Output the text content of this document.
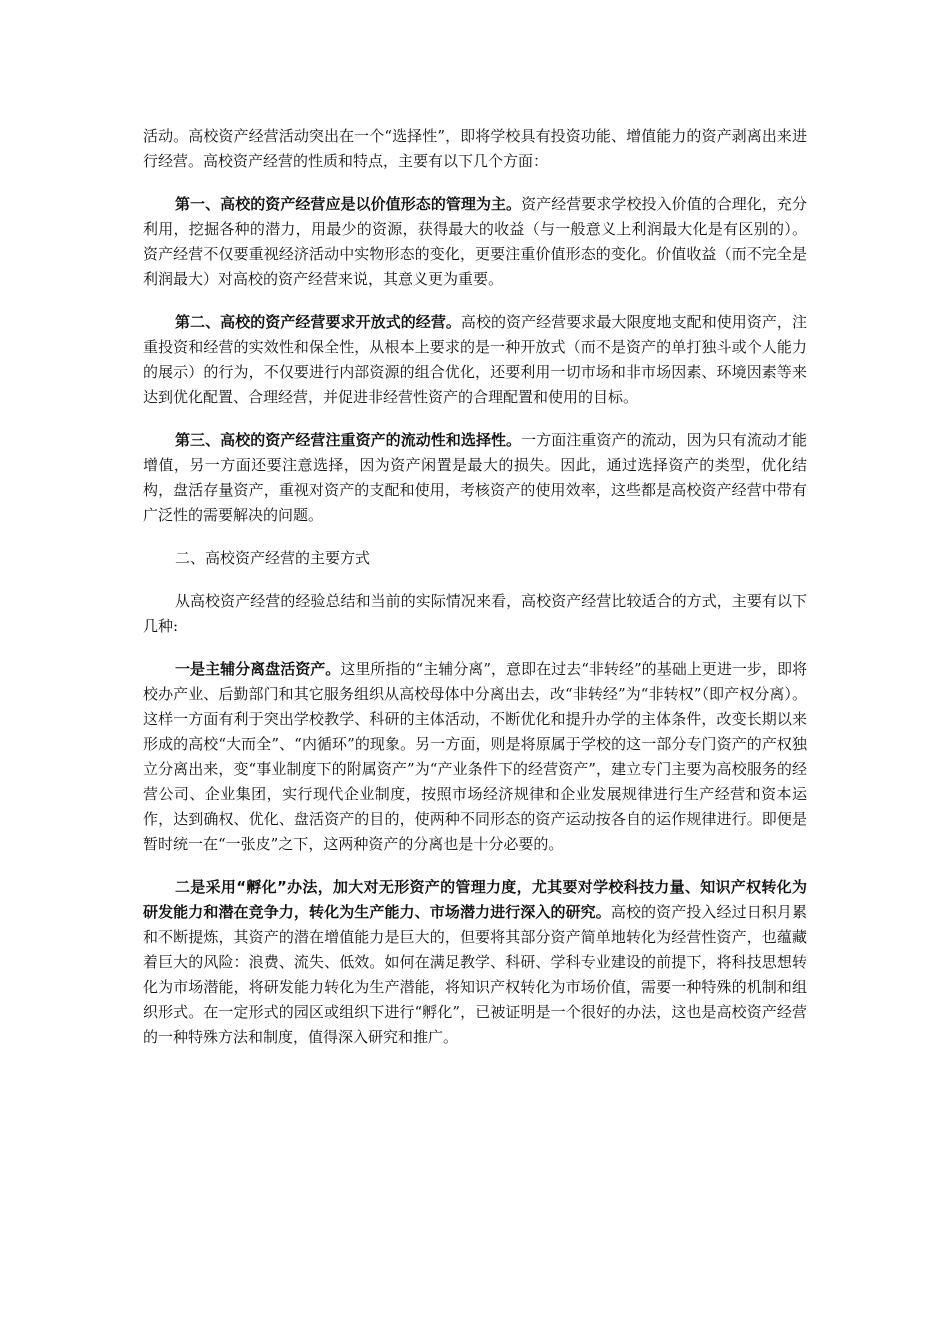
活动。高校资产经营活动突出在一个“选择性”，即将学校具有投资功能、增值能力的资产剥离出来进行经营。高校资产经营的性质和特点，主要有以下几个方面：

第一、高校的资产经营应是以价值形态的管理为主。资产经营要求学校投入价值的合理化，充分利用，挖掘各种的潜力，用最少的资源，获得最大的收益（与一般意义上利润最大化是有区别的）。资产经营不仅要重视经济活动中实物形态的变化，更要注重价值形态的变化。价值收益（而不完全是利润最大）对高校的资产经营来说，其意义更为重要。

第二、高校的资产经营要求开放式的经营。高校的资产经营要求最大限度地支配和使用资产，注重投资和经营的实效性和保全性，从根本上要求的是一种开放式（而不是资产的单打独斗或个人能力的展示）的行为，不仅要进行内部资源的组合优化，还要利用一切市场和非市场因素、环境因素等来达到优化配置、合理经营，并促进非经营性资产的合理配置和使用的目标。

第三、高校的资产经营注重资产的流动性和选择性。一方面注重资产的流动，因为只有流动才能增值，另一方面还要注意选择，因为资产闲置是最大的损失。因此，通过选择资产的类型，优化结构，盘活存量资产，重视对资产的支配和使用，考核资产的使用效率，这些都是高校资产经营中带有广泛性的需要解决的问题。

二、高校资产经营的主要方式

从高校资产经营的经验总结和当前的实际情况来看，高校资产经营比较适合的方式，主要有以下几种:

一是主辅分离盘活资产。这里所指的“主辅分离”，意即在过去“非转经”的基础上更进一步，即将校办产业、后勤部门和其它服务组织从高校母体中分离出去，改“非转经”为“非转权”（即产权分离）。这样一方面有利于突出学校教学、科研的主体活动，不断优化和提升办学的主体条件，改变长期以来形成的高校“大而全”、“内循环”的现象。另一方面，则是将原属于学校的这一部分专门资产的产权独立分离出来，变“事业制度下的附属资产”为“产业条件下的经营资产”，建立专门主要为高校服务的经营公司、企业集团，实行现代企业制度，按照市场经济规律和企业发展规律进行生产经营和资本运作，达到确权、优化、盘活资产的目的，使两种不同形态的资产运动按各自的运作规律进行。即便是暂时统一在“一张皮”之下，这两种资产的分离也是十分必要的。

二是采用“孵化”办法，加大对无形资产的管理力度，尤其要对学校科技力量、知识产权转化为研发能力和潜在竞争力，转化为生产能力、市场潜力进行深入的研究。高校的资产投入经过日积月累和不断提炼，其资产的潜在增值能力是巨大的，但要将其部分资产简单地转化为经营性资产，也蕴藏着巨大的风险：浪费、流失、低效。如何在满足教学、科研、学科专业建设的前提下，将科技思想转化为市场潜能，将研发能力转化为生产潜能，将知识产权转化为市场价值，需要一种特殊的机制和组织形式。在一定形式的园区或组织下进行“孵化”，已被证明是一个很好的办法，这也是高校资产经营的一种特殊方法和制度，值得深入研究和推广。
